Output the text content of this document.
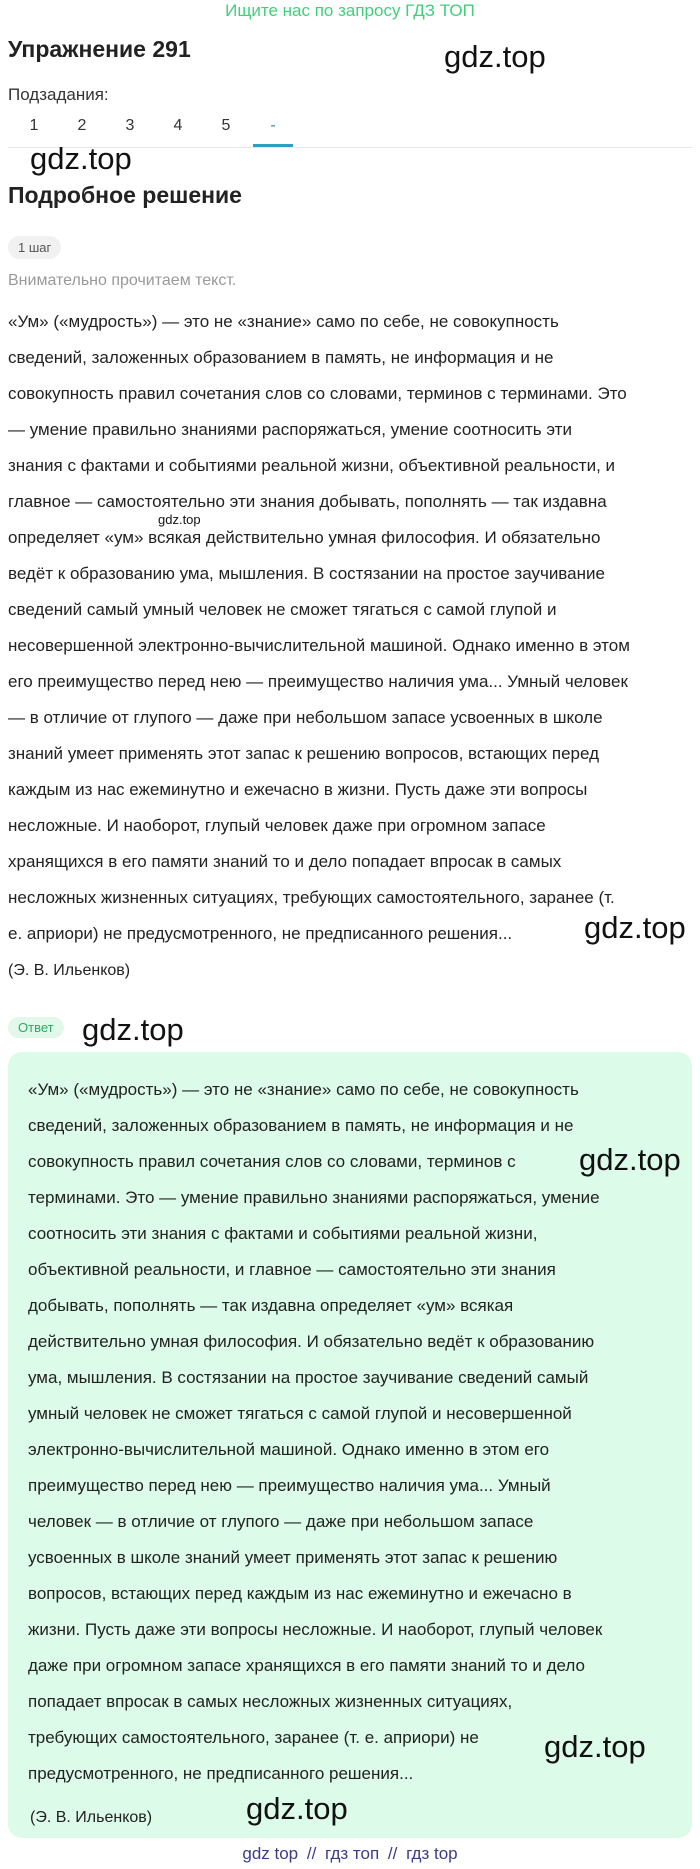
Ищите нас по запросу ГДЗ ТОП
Упражнение 291	gdz.top
Подзадания:
1	2	3	4	5	-
gdz.top
Подробное решение
1 шаг
Внимательно прочитаем текст.
«Ум» («мудрость») — это не «знание» само по себе, не совокупность
сведений, заложенных образованием в память, не информация и не
совокупность правил сочетания слов со словами, терминов с терминами. Это
— умение правильно знаниями распоряжаться, умение соотносить эти
знания с фактами и событиями реальной жизни, объективной реальности, и
главное — самостоятельно эти знания добывать, пополнять — так издавна
определяет «ум» всякая действительно умная философия. И обязательно
ведёт к образованию ума, мышления. В состязании на простое заучивание
сведений самый умный человек не сможет тягаться с самой глупой и
несовершенной электронно-вычислительной машиной. Однако именно в этом
его преимущество перед нею — преимущество наличия ума... Умный человек
— в отличие от глупого — даже при небольшом запасе усвоенных в школе
знаний умеет применять этот запас к решению вопросов, встающих перед
каждым из нас ежеминутно и ежечасно в жизни. Пусть даже эти вопросы
несложные. И наоборот, глупый человек даже при огромном запасе
хранящихся в его памяти знаний то и дело попадает впросак в самых
несложных жизненных ситуациях, требующих самостоятельного, заранее (т.
е. априори) не предусмотренного, не предписанного решения...
gdz.top
gdz.top
(Э. В. Ильенков)
Ответ gdz.top
«Ум» («мудрость») — это не «знание» само по себе, не совокупность
сведений, заложенных образованием в память, не информация и не
совокупность правил сочетания слов со словами, терминов с
терминами. Это — умение правильно знаниями распоряжаться, умение
соотносить эти знания с фактами и событиями реальной жизни,
объективной реальности, и главное — самостоятельно эти знания
добывать, пополнять — так издавна определяет «ум» всякая
действительно умная философия. И обязательно ведёт к образованию
ума, мышления. В состязании на простое заучивание сведений самый
умный человек не сможет тягаться с самой глупой и несовершенной
электронно-вычислительной машиной. Однако именно в этом его
преимущество перед нею — преимущество наличия ума... Умный
человек — в отличие от глупого — даже при небольшом запасе
усвоенных в школе знаний умеет применять этот запас к решению
вопросов, встающих перед каждым из нас ежеминутно и ежечасно в
жизни. Пусть даже эти вопросы несложные. И наоборот, глупый человек
даже при огромном запасе хранящихся в его памяти знаний то и дело
попадает впросак в самых несложных жизненных ситуациях,
требующих самостоятельного, заранее (т. е. априори) не
предусмотренного, не предписанного решения...
gdz.top
gdz.top
gdz.top
(Э. В. Ильенков)
gdz top // гдз топ // гдз top
